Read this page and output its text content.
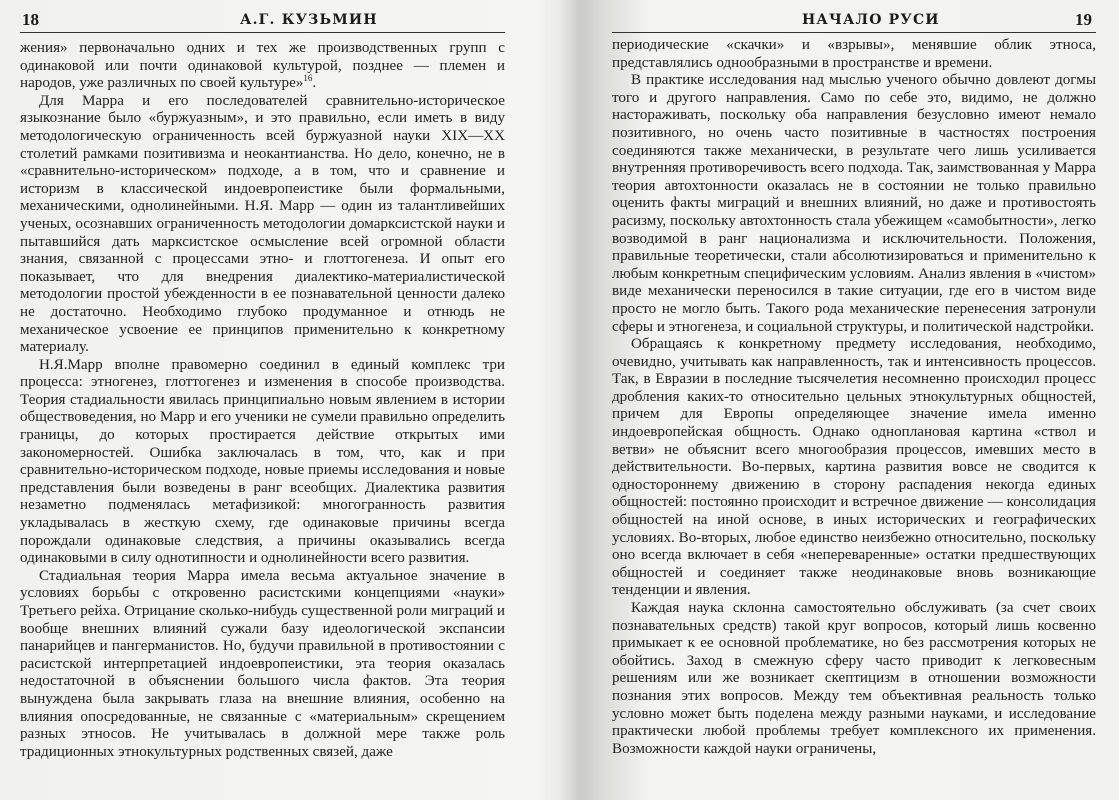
18	А.Г. КУЗЬМИН

жения» первоначально одних и тех же производственных групп с одинаковой или почти одинаковой культурой, позднее — племен и народов, уже различных по своей культуре»$^{16}$.

Для Марра и его последователей сравнительно-историческое языкознание было «буржуазным», и это правильно, если иметь в виду методологическую ограниченность всей буржуазной науки XIX—XX столетий рамками позитивизма и неокантианства. Но дело, конечно, не в «сравнительно-историческом» подходе, а в том, что и сравнение и историзм в классической индоевропеистике были формальными, механическими, однолинейными. Н.Я. Марр — один из талантливейших ученых, осознавших ограниченность методологии домарксистской науки и пытавшийся дать марксистское осмысление всей огромной области знания, связанной с процессами этно- и глоттогенеза. И опыт его показывает, что для внедрения диалектико-материалистической методологии простой убежденности в ее познавательной ценности далеко не достаточно. Необходимо глубоко продуманное и отнюдь не механическое усвоение ее принципов применительно к конкретному материалу.

Н.Я.Марр вполне правомерно соединил в единый комплекс три процесса: этногенез, глоттогенез и изменения в способе производства. Теория стадиальности явилась принципиально новым явлением в истории обществоведения, но Марр и его ученики не сумели правильно определить границы, до которых простирается действие открытых ими закономерностей. Ошибка заключалась в том, что, как и при сравнительно-историческом подходе, новые приемы исследования и новые представления были возведены в ранг всеобщих. Диалектика развития незаметно подменялась метафизикой: многогранность развития укладывалась в жесткую схему, где одинаковые причины всегда порождали одинаковые следствия, а причины оказывались всегда одинаковыми в силу однотипности и однолинейности всего развития.

Стадиальная теория Марра имела весьма актуальное значение в условиях борьбы с откровенно расистскими концепциями «науки» Третьего рейха. Отрицание сколько-нибудь существенной роли миграций и вообще внешних влияний сужали базу идеологической экспансии панарийцев и пангерманистов. Но, будучи правильной в противостоянии с расистской интерпретацией индоевропеистики, эта теория оказалась недостаточной в объяснении большого числа фактов. Эта теория вынуждена была закрывать глаза на внешние влияния, особенно на влияния опосредованные, не связанные с «материальным» скрещением разных этносов. Не учитывалась в должной мере также роль традиционных этнокультурных родственных связей, даже

НАЧАЛО РУСИ	19

периодические «скачки» и «взрывы», менявшие облик этноса, представлялись однообразными в пространстве и времени.

В практике исследования над мыслью ученого обычно довлеют догмы того и другого направления. Само по себе это, видимо, не должно настораживать, поскольку оба направления безусловно имеют немало позитивного, но очень часто позитивные в частностях построения соединяются также механически, в результате чего лишь усиливается внутренняя противоречивость всего подхода. Так, заимствованная у Марра теория автохтонности оказалась не в состоянии не только правильно оценить факты миграций и внешних влияний, но даже и противостоять расизму, поскольку автохтонность стала убежищем «самобытности», легко возводимой в ранг национализма и исключительности. Положения, правильные теоретически, стали абсолютизироваться и применительно к любым конкретным специфическим условиям. Анализ явления в «чистом» виде механически переносился в такие ситуации, где его в чистом виде просто не могло быть. Такого рода механические перенесения затронули сферы и этногенеза, и социальной структуры, и политической надстройки.

Обращаясь к конкретному предмету исследования, необходимо, очевидно, учитывать как направленность, так и интенсивность процессов. Так, в Евразии в последние тысячелетия несомненно происходил процесс дробления каких-то относительно цельных этнокультурных общностей, причем для Европы определяющее значение имела именно индоевропейская общность. Однако одноплановая картина «ствол и ветви» не объяснит всего многообразия процессов, имевших место в действительности. Во-первых, картина развития вовсе не сводится к одностороннему движению в сторону распадения некогда единых общностей: постоянно происходит и встречное движение — консолидация общностей на иной основе, в иных исторических и географических условиях. Во-вторых, любое единство неизбежно относительно, поскольку оно всегда включает в себя «непереваренные» остатки предшествующих общностей и соединяет также неодинаковые вновь возникающие тенденции и явления.

Каждая наука склонна самостоятельно обслуживать (за счет своих познавательных средств) такой круг вопросов, который лишь косвенно примыкает к ее основной проблематике, но без рассмотрения которых не обойтись. Заход в смежную сферу часто приводит к легковесным решениям или же возникает скептицизм в отношении возможности познания этих вопросов. Между тем объективная реальность только условно может быть поделена между разными науками, и исследование практически любой проблемы требует комплексного их применения. Возможности каждой науки ограничены,
